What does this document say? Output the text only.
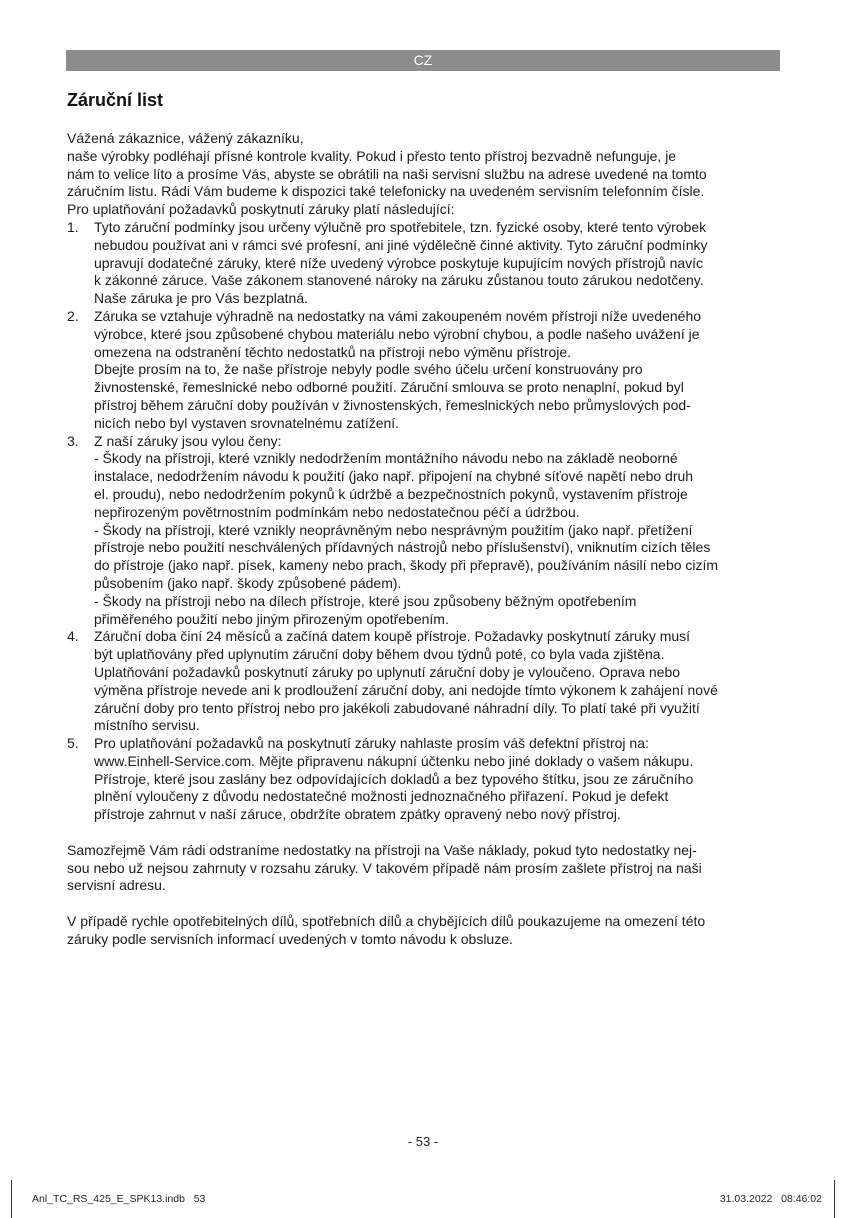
CZ
Záruční list

Vážená zákaznice, vážený zákazníku,
naše výrobky podléhají přísné kontrole kvality. Pokud i přesto tento přístroj bezvadně nefunguje, je
nám to velice líto a prosíme Vás, abyste se obrátili na naši servisní službu na adrese uvedené na tomto
záručním listu. Rádi Vám budeme k dispozici také telefonicky na uvedeném servisním telefonním čísle.
Pro uplatňování požadavků poskytnutí záruky platí následující:

1. Tyto záruční podmínky jsou určeny výlučně pro spotřebitele, tzn. fyzické osoby, které tento výrobek
nebudou používat ani v rámci své profesní, ani jiné výdělečně činné aktivity. Tyto záruční podmínky
upravují dodatečné záruky, které níže uvedený výrobce poskytuje kupujícím nových přístrojů navíc
k zákonné záruce. Vaše zákonem stanovené nároky na záruku zůstanou touto zárukou nedotčeny.
Naše záruka je pro Vás bezplatná.
2. Záruka se vztahuje výhradně na nedostatky na vámi zakoupeném novém přístroji níže uvedeného
výrobce, které jsou způsobené chybou materiálu nebo výrobní chybou, a podle našeho uvážení je
omezena na odstranění těchto nedostatků na přístroji nebo výměnu přístroje.
Dbejte prosím na to, že naše přístroje nebyly podle svého účelu určení konstruovány pro
živnostenské, řemeslnické nebo odborné použití. Záruční smlouva se proto nenaplní, pokud byl
přístroj během záruční doby používán v živnostenských, řemeslnických nebo průmyslových pod-
nicích nebo byl vystaven srovnatelnému zatížení.
3. Z naší záruky jsou vylou čeny:
- Škody na přístroji, které vznikly nedodržením montážního návodu nebo na základě neoborné
instalace, nedodržením návodu k použití (jako např. připojení na chybné síťové napětí nebo druh
el. proudu), nebo nedodržením pokynů k údržbě a bezpečnostních pokynů, vystavením přístroje
nepřirozeným povětrnostním podmínkám nebo nedostatečnou péčí a údržbou.
- Škody na přístroji, které vznikly neoprávněným nebo nesprávným použitím (jako např. přetížení
přístroje nebo použití neschválených přídavných nástrojů nebo příslušenství), vniknutím cizích těles
do přístroje (jako např. písek, kameny nebo prach, škody při přepravě), používáním násilí nebo cizím
působením (jako např. škody způsobené pádem).
- Škody na přístroji nebo na dílech přístroje, které jsou způsobeny běžným opotřebením
přiměřeného použití nebo jiným přirozeným opotřebením.
4. Záruční doba činí 24 měsíců a začíná datem koupě přístroje. Požadavky poskytnutí záruky musí
být uplatňovány před uplynutím záruční doby během dvou týdnů poté, co byla vada zjištěna.
Uplatňování požadavků poskytnutí záruky po uplynutí záruční doby je vyloučeno. Oprava nebo
výměna přístroje nevede ani k prodloužení záruční doby, ani nedojde tímto výkonem k zahájení nové
záruční doby pro tento přístroj nebo pro jakékoli zabudované náhradní díly. To platí také při využití
místního servisu.
5. Pro uplatňování požadavků na poskytnutí záruky nahlaste prosím váš defektní přístroj na:
www.Einhell-Service.com. Mějte připravenu nákupní účtenku nebo jiné doklady o vašem nákupu.
Přístroje, které jsou zaslány bez odpovídajících dokladů a bez typového štítku, jsou ze záručního
plnění vyloučeny z důvodu nedostatečné možnosti jednoznačného přiřazení. Pokud je defekt
přístroje zahrnut v naší záruce, obdržíte obratem zpátky opravený nebo nový přístroj.

Samozřejmě Vám rádi odstraníme nedostatky na přístroji na Vaše náklady, pokud tyto nedostatky nej-
sou nebo už nejsou zahrnuty v rozsahu záruky. V takovém případě nám prosím zašlete přístroj na naši
servisní adresu.

V případě rychle opotřebitelných dílů, spotřebních dílů a chybějících dílů poukazujeme na omezení této
záruky podle servisních informací uvedených v tomto návodu k obsluze.

- 53 -
Anl_TC_RS_425_E_SPK13.indb   53	31.03.2022   08:46:02
